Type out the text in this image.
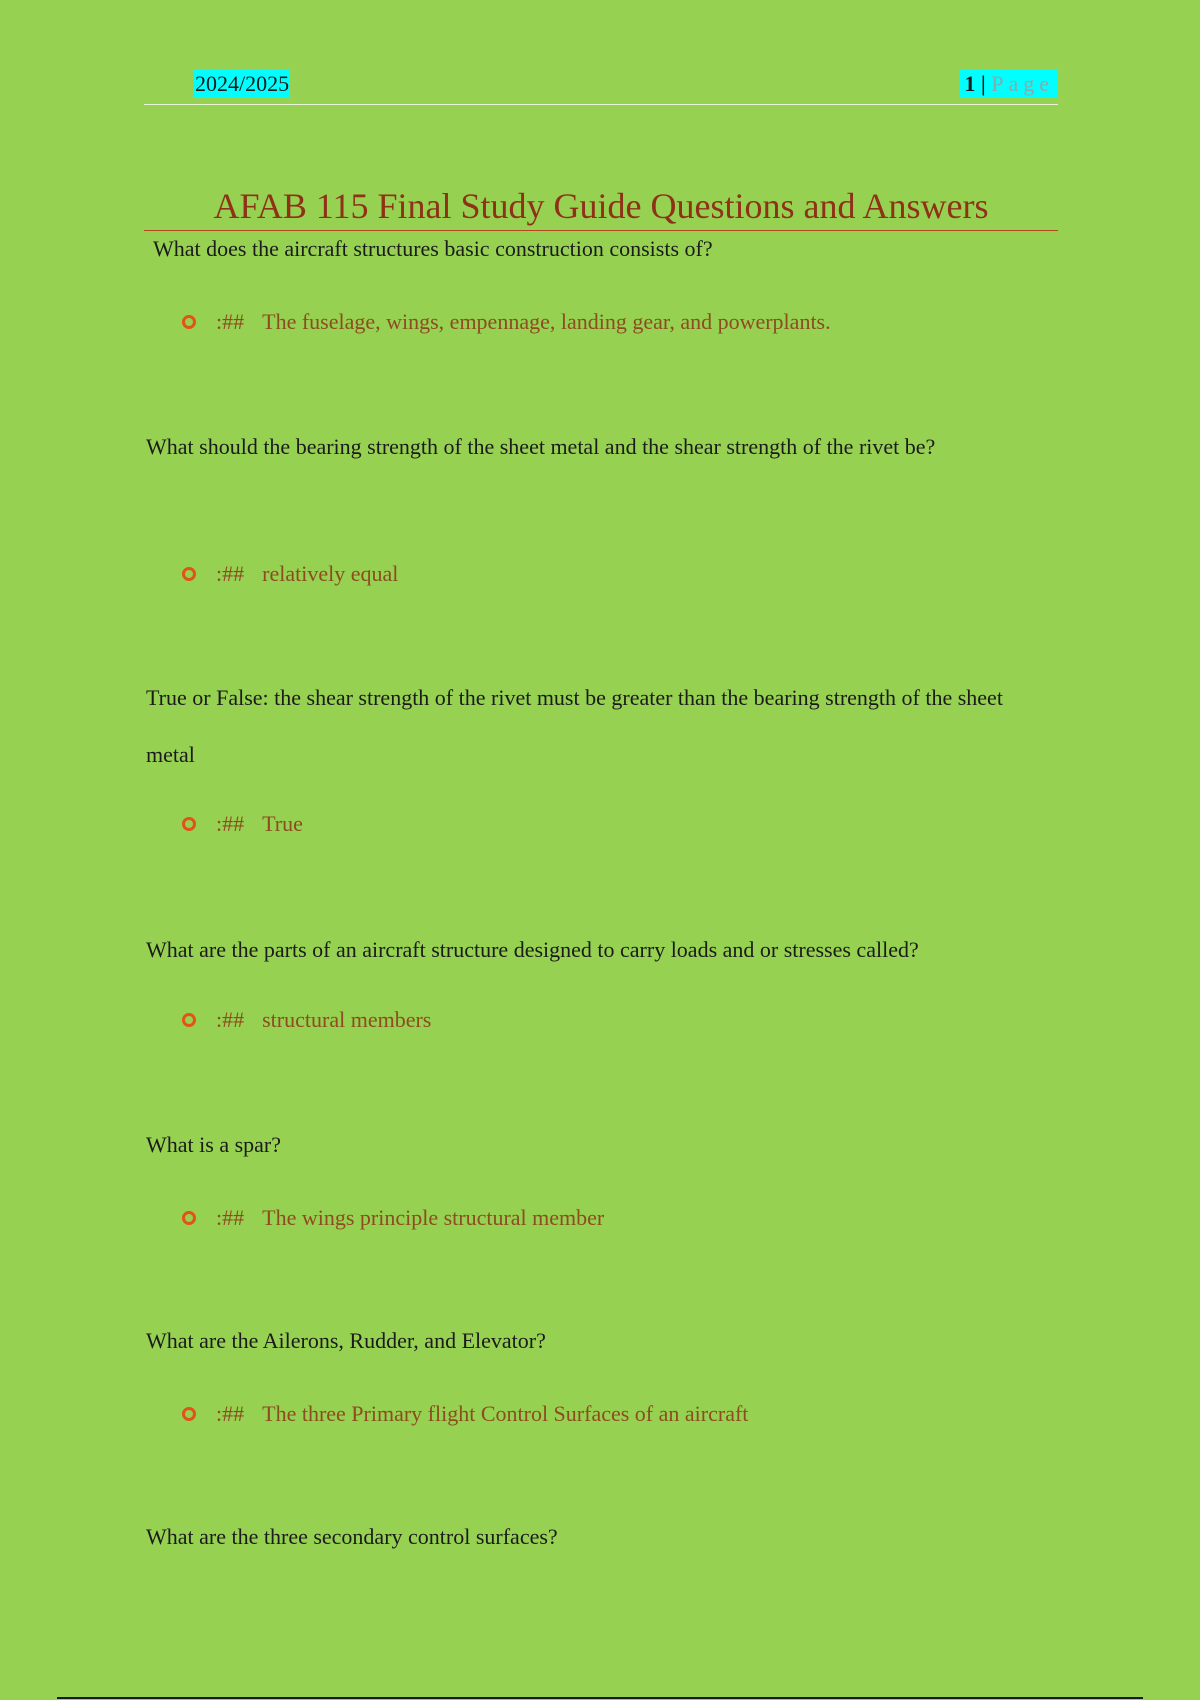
2024/2025	1 | Page
AFAB 115 Final Study Guide Questions and Answers
What does the aircraft structures basic construction consists of?
:## The fuselage, wings, empennage, landing gear, and powerplants.
What should the bearing strength of the sheet metal and the shear strength of the rivet be?
:## relatively equal
True or False: the shear strength of the rivet must be greater than the bearing strength of the sheet metal
:## True
What are the parts of an aircraft structure designed to carry loads and or stresses called?
:## structural members
What is a spar?
:## The wings principle structural member
What are the Ailerons, Rudder, and Elevator?
:## The three Primary flight Control Surfaces of an aircraft
What are the three secondary control surfaces?
